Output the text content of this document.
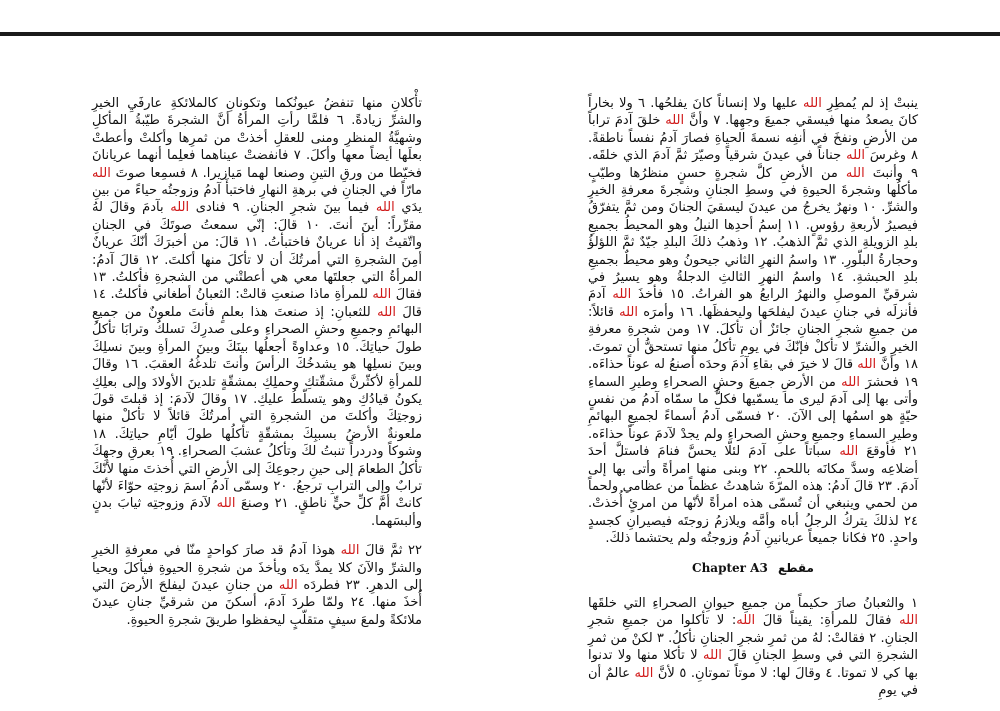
تأْكلانِ منها تنفضُ عيونُكما وتكونانِ كالملائكةِ عارفَيِ الخيرِ والشرِّ زيادةً. ٦ فلمَّا رأتِ المرأةُ أنَّ الشجرةَ طيّبةُ المأكلِ وشهيَّةُ المنظرِ ومنى للعقلِ أخذتْ من ثمرِها وأكلتْ وأعطتْ بعلَها أيضاً معها وأكلَ. ٧ فانفضتْ عيناهما فعلِما أنهما عريانانَ فخيّطا من ورقِ التينِ وصنعا لهما مَيازيرا. ٨ فسمِعا صوتَ الله مارّاً في الجنانِ في برهةِ النهارِ فاختبأَ آدمُ وزوجتُه حياءً من بينِ يدَي الله فيما بينَ شجرِ الجنانِ. ٩ فنادى الله بآدمَ وقالَ لهُ مقرِّراً: أينَ أنتَ. ١٠ قالَ: إنّي سمعتُ صوتَكَ في الجنانِ واتّقيتُ إذ أنا عريانٌ فاختبأتُ. ١١ قالَ: من أخبرَكَ أنّكَ عريانٌ أمِنَ الشجرةِ التي أمرتُكَ أن لا تأكلَ منها أكلتَ. ١٢ قالَ آدمُ: المرأةُ التي جعلتَها معي هي أعطتْني من الشجرةِ فأكلتُ. ١٣ فقالَ الله للمرأةِ ماذا صنعتِ قالتْ: الثعبانُ أطغاني فأكلتُ. ١٤ قالَ الله للثعبانِ: إذ صنعتَ هذا بعلمٍ فأنتَ ملعونٌ من جميعِ البهائمِ وجميعِ وحشِ الصحراءِ وعلى صدرِكَ تسلكُ وترابَا تأكلُ طولَ حياتِكَ. ١٥ وعداوةً أجعلُها بينَكَ وبينَ المرأةِ وبينَ نسلِكَ وبينَ نسلِها هو يشدخُكَ الرأسَ وأنتَ تلدغُهُ العقبَ. ١٦ وقالَ للمرأةِ لأكثّرنَّ مشقّتكِ وحملِكِ بمشقّةٍ تلدينَ الأولادَ وإلى بعلِكِ يكونُ قيادُكِ وهو يتسلّطُ عليكِ. ١٧ وقالَ لآدمَ: إذ قبلتَ قولَ زوجتِكَ وأكلتَ من الشجرةِ التي أمرتُكَ قائلاً لا تأكلْ منها ملعونةٌ الأرضُ بسببِكَ بمشقّةٍ تأكلُها طولَ أيّامِ حياتِكَ. ١٨ وشوكاً ودردراً تنبتُ لكَ وتأكلُ عشبَ الصحراءِ. ١٩ بعرقِ وجهِكَ تأكلُ الطعامَ إلى حينِ رجوعِكَ إلى الأرضِ التي أُخذتَ منها لأنّكَ ترابٌ وإلى الترابِ ترجعُ. ٢٠ وسمّى آدمُ اسمَ زوجتِه حوّاءَ لأنّها كانتْ أمَّ كلِّ حيٍّ ناطقٍ. ٢١ وصنعَ الله لآدمَ وزوجتِه ثيابَ بدنٍ وألبسَهما.

٢٢ ثمَّ قالَ الله هوذا آدمُ قد صارَ كواحدٍ منّا في معرفةِ الخيرِ والشرِّ والآنَ كلا يمدَّ يدَه ويأخذَ من شجرةِ الحيوةِ فيأكلَ ويحيا إلى الدهرِ. ٢٣ فطردَه الله من جنانِ عيدنَ ليفلحَ الأرضَ التي أُخذَ منها. ٢٤ ولمّا طردَ آدمَ، أسكنَ من شرقيِّ جنانِ عيدنَ ملائكةً ولمعَ سيفٍ متقلّبٍ ليحفظوا طريقَ شجرةِ الحيوةِ.

ينبتْ إذ لم يُمطِرِ الله عليها ولا إنساناً كانَ يفلحُها. ٦ ولا بخاراً كانَ يصعدُ منها فيسقي جميعَ وجهِها. ٧ وأنَّ الله خلقَ آدمَ تراباً من الأرضِ ونفخَ في أنفِه نسمةَ الحياةِ فصارَ آدمُ نفساً ناطقةً. ٨ وغرسَ الله جناناً في عيدنَ شرقياً وصيّرَ ثمَّ آدمَ الذي خلقَه. ٩ وأنبتَ الله من الأرضِ كلَّ شجرةٍ حسنٍ منظرُها وطيّبٍ مأكلُها وشجرةَ الحيوةِ في وسطِ الجنانِ وشجرةَ معرفةِ الخيرِ والشرِّ. ١٠ ونهرٌ يخرجُ من عيدنَ ليسقيَ الجنانَ ومن ثمَّ يتفرّقُ فيصيرُ لأربعةِ رؤوسٍ. ١١ إسمُ أحدِها النيلُ وهو المحيطُ بجميعِ بلدِ الزويلةِ الذي ثمَّ الذهبُ. ١٢ وذهبُ ذلكَ البلدِ جيّدٌ ثمَّ اللؤلؤُ وحجارةُ البلّورِ. ١٣ واسمُ النهرِ الثاني جيحونُ وهو محيطٌ بجميعِ بلدِ الحبشةِ. ١٤ واسمُ النهرِ الثالثِ الدجلةُ وهو يسيرُ في شرقيِّ الموصلِ والنهرُ الرابعُ هو الفراتُ. ١٥ فأخذَ الله آدمَ فأنزلَه في جنانِ عيدنَ ليفلحَها وليحفظَها. ١٦ وأمرَه الله قائلاً: من جميعِ شجرِ الجنانِ جائزٌ أن تأكلَ. ١٧ ومن شجرةِ معرفةِ الخيرِ والشرِّ لا تأكلْ فإنّكَ في يومِ تأكلُ منها تستحقُّ أن تموتَ. ١٨ وأنَّ الله قالَ لا خيرَ في بقاءِ آدمَ وحدَه أصنعُ له عوناً حذاءَه. ١٩ فحشرَ الله من الأرضِ جميعَ وحشِ الصحراءِ وطيرِ السماءِ وأتى بها إلى آدمَ ليرى ما يسمّيها فكلُّ ما سمّاه آدمُ من نفسٍ حيّةٍ هو اسمُها إلى الآنَ. ٢٠ فسمّى آدمُ أسماءً لجميعِ البهائمِ وطيرِ السماءِ وجميعِ وحشِ الصحراءِ ولم يجدْ لآدمَ عوناً حذاءَه. ٢١ فأوقعَ الله سباتاً على آدمَ لئلّا يحسَّ فنامَ فاستلَّ أحدَ أضلاعِه وسدَّ مكانَه باللحمِ. ٢٢ وبنى منها امرأةً وأتى بها إلى آدمَ. ٢٣ قالَ آدمُ: هذه المرّةَ شاهدتُ عظماً من عظامي ولحماً من لحمي وينبغي أن تُسمّى هذه امرأةً لأنّها من امرئٍ أُخذتْ. ٢٤ لذلكَ يتركُ الرجلُ أباه وأمَّه ويلازمُ زوجتَه فيصيرانِ كجسدٍ واحدٍ. ٢٥ فكانا جميعاً عريانينِ آدمُ وزوجتُه ولم يحتشما ذلكَ.

Chapter A3 مقطع

١ والثعبانُ صارَ حكيماً من جميعِ حيوانِ الصحراءِ التي خلقَها الله فقالَ للمرأةِ: يقيناً قالَ الله: لا تأكلوا من جميعِ شجرِ الجنانِ. ٢ فقالتْ: لهُ من ثمرِ شجرِ الجنانِ نأكلُ. ٣ لكنْ من ثمرِ الشجرةِ التي في وسطِ الجنانِ قالَ الله لا تأكلا منها ولا تدنوا بها كي لا تموتا. ٤ وقالَ لها: لا موتاً تموتانِ. ٥ لأنَّ الله عالمٌ أن في يومِ
